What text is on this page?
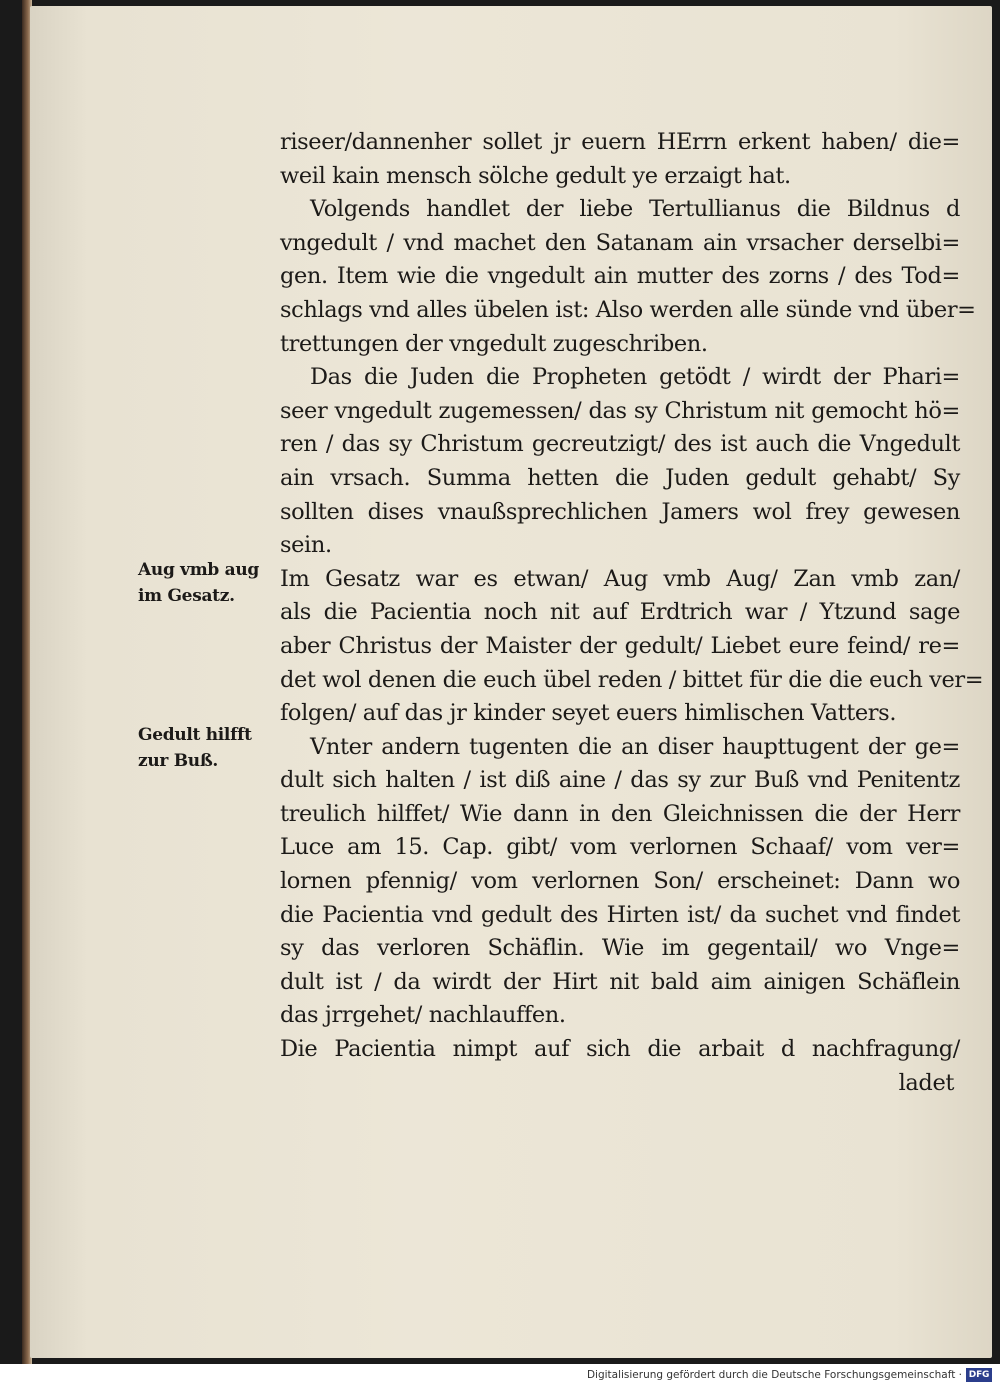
riseer/dannenher sollet jr euern HErrn erkent haben/ die=
weil kain mensch sölche gedult ye erzaigt hat.
Volgends handlet der liebe Tertullianus die Bildnus d
vngedult / vnd machet den Satanam ain vrsacher derselbi=
gen. Item wie die vngedult ain mutter des zorns / des Tod=
schlags vnd alles übelen ist: Also werden alle sünde vnd über=
trettungen der vngedult zugeschriben.
Das die Juden die Propheten getödt / wirdt der Phari=
seer vngedult zugemessen/ das sy Christum nit gemocht hö=
ren / das sy Christum gecreutzigt/ des ist auch die Vngedult
ain vrsach. Summa hetten die Juden gedult gehabt/ Sy
sollten dises vnaußsprechlichen Jamers wol frey gewesen
sein.
Im Gesatz war es etwan/ Aug vmb Aug/ Zan vmb zan/
als die Pacientia noch nit auf Erdtrich war / Ytzund sage
aber Christus der Maister der gedult/ Liebet eure feind/ re=
det wol denen die euch übel reden / bittet für die die euch ver=
folgen/ auf das jr kinder seyet euers himlischen Vatters.
Vnter andern tugenten die an diser haupttugent der ge=
dult sich halten / ist diß aine / das sy zur Buß vnd Penitentz
treulich hilffet/ Wie dann in den Gleichnissen die der Herr
Luce am 15. Cap. gibt/ vom verlornen Schaaf/ vom ver=
lornen pfennig/ vom verlornen Son/ erscheinet: Dann wo
die Pacientia vnd gedult des Hirten ist/ da suchet vnd findet
sy das verloren Schäflin. Wie im gegentail/ wo Vnge=
dult ist / da wirdt der Hirt nit bald aim ainigen Schäflein
das jrrgehet/ nachlauffen.
Die Pacientia nimpt auf sich die arbait d nachfragung/
ladet
Aug vmb aug
im Gesatz.
Gedult hilfft
zur Buß.
Digitalisierung gefördert durch die Deutsche Forschungsgemeinschaft · DFG
